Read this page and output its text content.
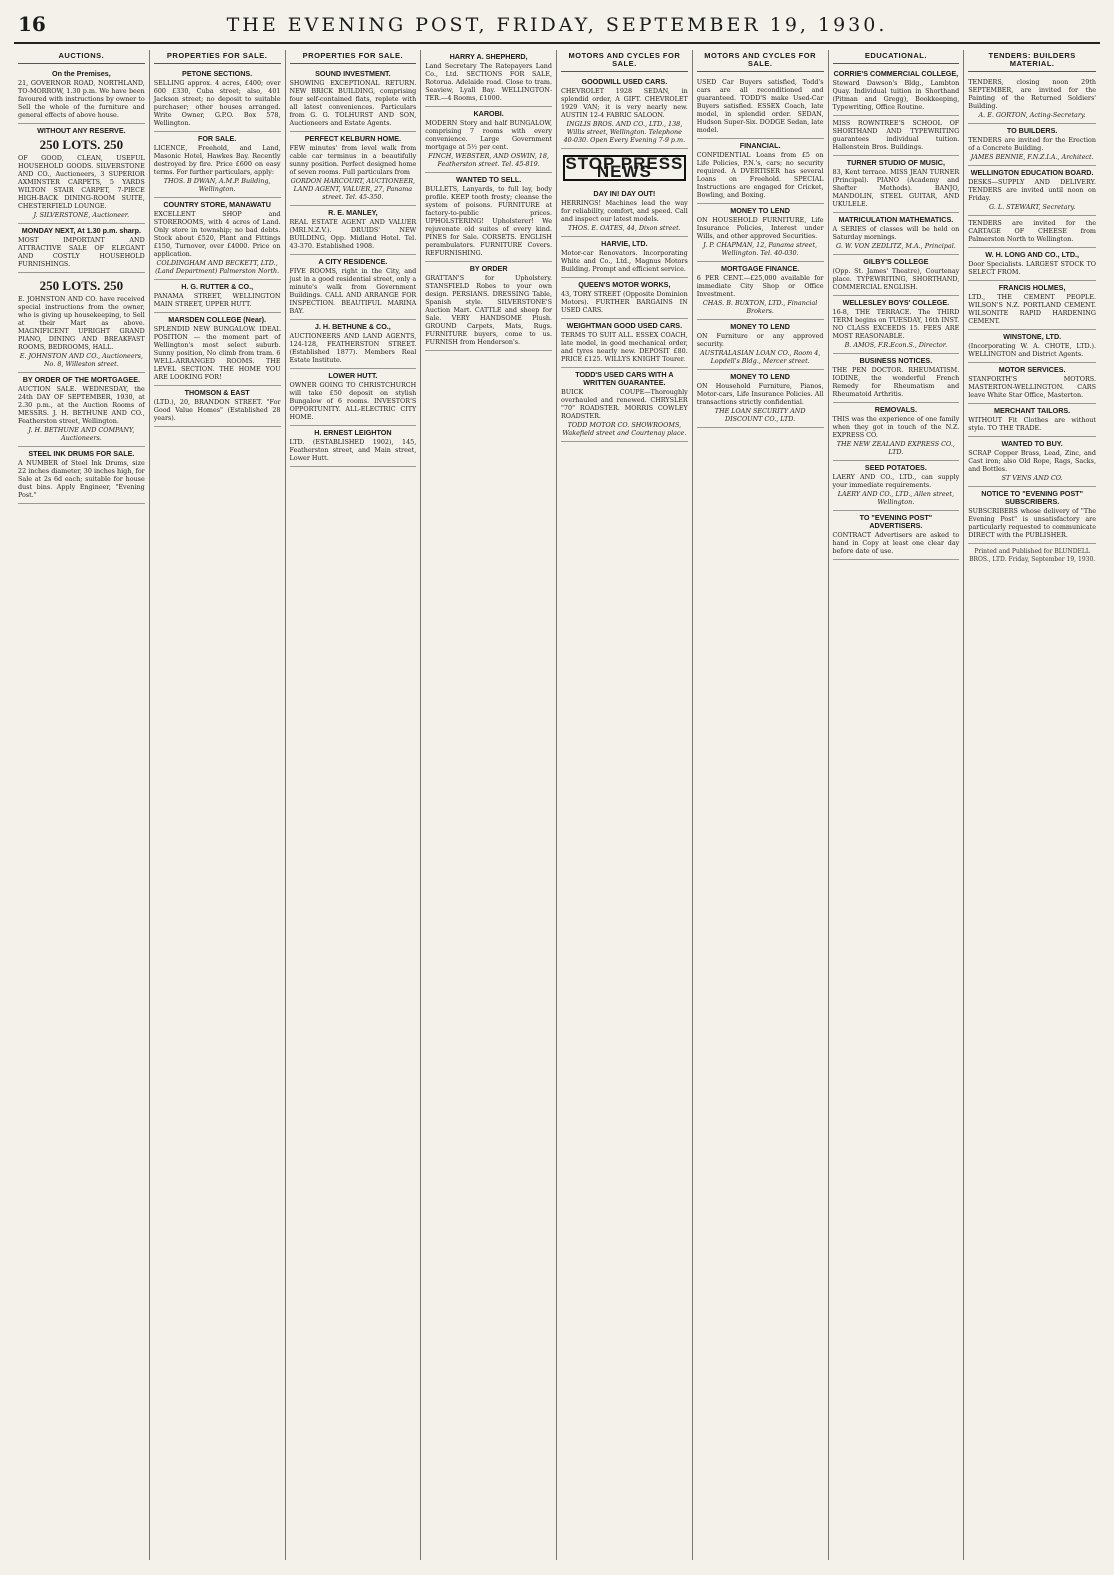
16	THE EVENING POST, FRIDAY, SEPTEMBER 19, 1930.
AUCTIONS.
On the Premises,
21, GOVERNOR ROAD, NORTHLAND, TO-MORROW, 1.30 p.m. We have been favoured with instructions by owner to Sell the whole of the furniture and general effects of above house.
WITHOUT ANY RESERVE.
250 LOTS. 250
OF GOOD, CLEAN, USEFUL HOUSEHOLD GOODS. SILVERSTONE AND CO., Auctioneers, 3 SUPERIOR AXMINSTER CARPETS, 5 YARDS WILTON STAIR CARPET, 7-PIECE HIGH-BACK DINING-ROOM SUITE, CHESTERFIELD LOUNGE.
J. SILVERSTONE, Auctioneer.
MONDAY NEXT, At 1.30 p.m. sharp.
MOST IMPORTANT AND ATTRACTIVE SALE OF ELEGANT AND COSTLY HOUSEHOLD FURNISHINGS.
250 LOTS. 250
E. JOHNSTON AND CO. have received special instructions from the owner, who is giving up housekeeping, to Sell at their Mart as above. MAGNIFICENT UPRIGHT GRAND PIANO, DINING AND BREAKFAST ROOMS, BEDROOMS, HALL.
E. JOHNSTON AND CO., Auctioneers, No. 8, Willeston street.
BY ORDER OF THE MORTGAGEE.
AUCTION SALE. WEDNESDAY, the 24th DAY OF SEPTEMBER, 1930, at 2.30 p.m., at the Auction Rooms of MESSRS. J. H. BETHUNE AND CO., Featherston street, Wellington.
J. H. BETHUNE AND COMPANY, Auctioneers.
STEEL INK DRUMS FOR SALE.
A NUMBER of Steel Ink Drums, size 22 inches diameter, 30 inches high, for Sale at 2s 6d each; suitable for house dust bins. Apply Engineer, "Evening Post."
PROPERTIES FOR SALE.
PETONE SECTIONS.
SELLING approx. 4 acres, £400; over 600 £330, Cuba street; also, 401 Jackson street; no deposit to suitable purchaser; other houses arranged. Write Owner, G.P.O. Box 578, Wellington.
FOR SALE.
LICENCE, Freehold, and Land, Masonic Hotel, Hawkes Bay. Recently destroyed by fire. Price £600 on easy terms. For further particulars, apply:
THOS. B DWAN, A.M.P. Building, Wellington.
COUNTRY STORE, MANAWATU
EXCELLENT SHOP and STOREROOMS, with 4 acres of Land. Only store in township; no bad debts. Stock about £520, Plant and Fittings £150, Turnover, over £4000. Price on application.
COLDINGHAM AND BECKETT, LTD., (Land Department) Palmerston North.
H. G. RUTTER & CO.,
PANAMA STREET, WELLINGTON MAIN STREET, UPPER HUTT.
MARSDEN COLLEGE (Near).
SPLENDID NEW BUNGALOW. IDEAL POSITION — the moment part of Wellington's most select suburb. Sunny position, No climb from tram. 6 WELL-ARRANGED ROOMS. THE LEVEL SECTION. THE HOME YOU ARE LOOKING FOR!
THOMSON & EAST
(LTD.), 20, BRANDON STREET. "For Good Value Homes" (Established 28 years).
PROPERTIES FOR SALE.
SOUND INVESTMENT.
SHOWING EXCEPTIONAL RETURN. NEW BRICK BUILDING, comprising four self-contained flats, replete with all latest conveniences. Particulars from G. G. TOLHURST AND SON, Auctioneers and Estate Agents.
PERFECT KELBURN HOME.
FEW minutes' from level walk from cable car terminus in a beautifully sunny position. Perfect designed home of seven rooms. Full particulars from
GORDON HARCOURT, AUCTIONEER, LAND AGENT, VALUER, 27, Panama street. Tel. 45-350.
R. E. MANLEY,
REAL ESTATE AGENT AND VALUER (MRI.N.Z.V.). DRUIDS' NEW BUILDING, Opp. Midland Hotel. Tel. 43-370. Established 1908.
A CITY RESIDENCE.
FIVE ROOMS, right in the City, and just in a good residential street, only a minute's walk from Government Buildings. CALL AND ARRANGE FOR INSPECTION. BEAUTIFUL MARINA BAY.
J. H. BETHUNE & CO.,
AUCTIONEERS AND LAND AGENTS, 124-128, FEATHERSTON STREET. (Established 1877). Members Real Estate Institute.
LOWER HUTT.
OWNER GOING TO CHRISTCHURCH will take £50 deposit on stylish Bungalow of 6 rooms. INVESTOR'S OPPORTUNITY. ALL-ELECTRIC CITY HOME.
H. ERNEST LEIGHTON
LTD. (ESTABLISHED 1902), 145, Featherston street, and Main street, Lower Hutt.
HARRY A. SHEPHERD,
Land Secretary The Ratepayers Land Co., Ltd. SECTIONS FOR SALE, Rotorua. Adelaide road. Close to tram. Seaview, Lyall Bay. WELLINGTON-TER.—4 Rooms, £1000.
KAROBI.
MODERN Story and half BUNGALOW, comprising 7 rooms with every convenience. Large Government mortgage at 5½ per cent.
FINCH, WEBSTER, AND OSWIN, 18, Featherston street. Tel. 45-819.
WANTED TO SELL.
BULLETS, Lanyards, to full lay, body profile. KEEP tooth frosty; cleanse the system of poisons. FURNITURE at factory-to-public prices. UPHOLSTERING! Upholsterer! We rejuvenate old suites of every kind. PINES for Sale. CORSETS. ENGLISH perambulators. FURNITURE Covers. REFURNISHING.
BY ORDER
GRATTAN'S for Upholstery. STANSFIELD Robes to your own design. PERSIANS. DRESSING Table, Spanish style. SILVERSTONE'S Auction Mart. CATTLE and sheep for Sale. VERY HANDSOME Plush. GROUND Carpets, Mats, Rugs. FURNITURE buyers, come to us. FURNISH from Henderson's.
MOTORS AND CYCLES FOR SALE.
GOODWILL USED CARS.
CHEVROLET 1928 SEDAN, in splendid order, A GIFT. CHEVROLET 1929 VAN; it is very nearly new. AUSTIN 12-4 FABRIC SALOON.
INGLIS BROS. AND CO., LTD., 138, Willis street, Wellington. Telephone 40-030. Open Every Evening 7-9 p.m.
STOP PRESS NEWS
DAY IN! DAY OUT!
HERRINGS! Machines lead the way for reliability, comfort, and speed. Call and inspect our latest models.
THOS. E. OATES, 44, Dixon street.
HARVIE, LTD.
Motor-car Renovators. Incorporating White and Co., Ltd., Magnus Motors Building. Prompt and efficient service.
QUEEN'S MOTOR WORKS,
43, TORY STREET (Opposite Dominion Motors). FURTHER BARGAINS IN USED CARS.
WEIGHTMAN GOOD USED CARS.
TERMS TO SUIT ALL. ESSEX COACH, late model, in good mechanical order, and tyres nearly new. DEPOSIT £80. PRICE £125. WILLYS KNIGHT Tourer.
TODD'S USED CARS WITH A WRITTEN GUARANTEE.
BUICK COUPE—Thoroughly overhauled and renewed. CHRYSLER "70" ROADSTER. MORRIS COWLEY ROADSTER.
TODD MOTOR CO. SHOWROOMS, Wakefield street and Courtenay place.
MOTORS AND CYCLES FOR SALE.
USED Car Buyers satisfied, Todd's cars are all reconditioned and guaranteed. TODD'S make Used-Car Buyers satisfied. ESSEX Coach, late model, in splendid order. SEDAN, Hudson Super-Six. DODGE Sedan, late model.
FINANCIAL.
CONFIDENTIAL Loans from £5 on Life Policies, P.N.'s, cars; no security required. A DVERTISER has several Loans on Freehold. SPECIAL Instructions are engaged for Cricket, Bowling, and Boxing.
MONEY TO LEND
ON HOUSEHOLD FURNITURE, Life Insurance Policies, Interest under Wills, and other approved Securities.
J. P. CHAPMAN, 12, Panama street, Wellington. Tel. 40-030.
MORTGAGE FINANCE.
6 PER CENT.—£25,000 available for immediate City Shop or Office Investment.
CHAS. B. BUXTON, LTD., Financial Brokers.
MONEY TO LEND
ON Furniture or any approved security.
AUSTRALASIAN LOAN CO., Room 4, Lopdell's Bldg., Mercer street.
MONEY TO LEND
ON Household Furniture, Pianos, Motor-cars, Life Insurance Policies. All transactions strictly confidential.
THE LOAN SECURITY AND DISCOUNT CO., LTD.
EDUCATIONAL.
CORRIE'S COMMERCIAL COLLEGE,
Steward Dawson's Bldg., Lambton Quay. Individual tuition in Shorthand (Pitman and Gregg), Bookkeeping, Typewriting, Office Routine.
MISS ROWNTREE'S SCHOOL OF SHORTHAND AND TYPEWRITING guarantees individual tuition. Hallenstein Bros. Buildings.
TURNER STUDIO OF MUSIC,
83, Kent terrace. MISS JEAN TURNER (Principal). PIANO (Academy and Shefter Methods). BANJO, MANDOLIN, STEEL GUITAR, AND UKULELE.
MATRICULATION MATHEMATICS.
A SERIES of classes will be held on Saturday mornings.
G. W. VON ZEDLITZ, M.A., Principal.
GILBY'S COLLEGE
(Opp. St. James' Theatre), Courtenay place. TYPEWRITING, SHORTHAND, COMMERCIAL ENGLISH.
WELLESLEY BOYS' COLLEGE.
16-8, THE TERRACE. The THIRD TERM begins on TUESDAY, 16th INST. NO CLASS EXCEEDS 15. FEES ARE MOST REASONABLE.
B. AMOS, F.R.Econ.S., Director.
BUSINESS NOTICES.
THE PEN DOCTOR. RHEUMATISM. IODINE, the wonderful French Remedy for Rheumatism and Rheumatoid Arthritis.
REMOVALS.
THIS was the experience of one family when they got in touch of the N.Z. EXPRESS CO.
THE NEW ZEALAND EXPRESS CO., LTD.
SEED POTATOES.
LAERY AND CO., LTD., can supply your immediate requirements.
LAERY AND CO., LTD., Allen street, Wellington.
TO "EVENING POST" ADVERTISERS.
CONTRACT Advertisers are asked to hand in Copy at least one clear day before date of use.
TENDERS: BUILDERS MATERIAL.
TENDERS, closing noon 29th SEPTEMBER, are invited for the Painting of the Returned Soldiers' Building.
A. E. GORTON, Acting-Secretary.
TO BUILDERS.
TENDERS are invited for the Erection of a Concrete Building.
JAMES BENNIE, F.N.Z.I.A., Architect.
WELLINGTON EDUCATION BOARD.
DESKS—SUPPLY AND DELIVERY. TENDERS are invited until noon on Friday.
G. L. STEWART, Secretary.
TENDERS are invited for the CARTAGE OF CHEESE from Palmerston North to Wellington.
W. H. LONG AND CO., LTD.,
Door Specialists. LARGEST STOCK TO SELECT FROM.
FRANCIS HOLMES,
LTD., THE CEMENT PEOPLE. WILSON'S N.Z. PORTLAND CEMENT. WILSONITE RAPID HARDENING CEMENT.
WINSTONE, LTD.
(Incorporating W. A. CHOTE, LTD.). WELLINGTON and District Agents.
MOTOR SERVICES.
STANFORTH'S MOTORS. MASTERTON-WELLINGTON. CARS leave White Star Office, Masterton.
MERCHANT TAILORS.
WITHOUT Fit Clothes are without style. TO THE TRADE.
WANTED TO BUY.
SCRAP Copper Brass, Lead, Zinc, and Cast iron; also Old Rope, Rags, Sacks, and Bottles.
ST VENS AND CO.
NOTICE TO "EVENING POST" SUBSCRIBERS.
SUBSCRIBERS whose delivery of "The Evening Post" is unsatisfactory are particularly requested to communicate DIRECT with the PUBLISHER.
Printed and Published for BLUNDELL BROS., LTD. Friday, September 19, 1930.
